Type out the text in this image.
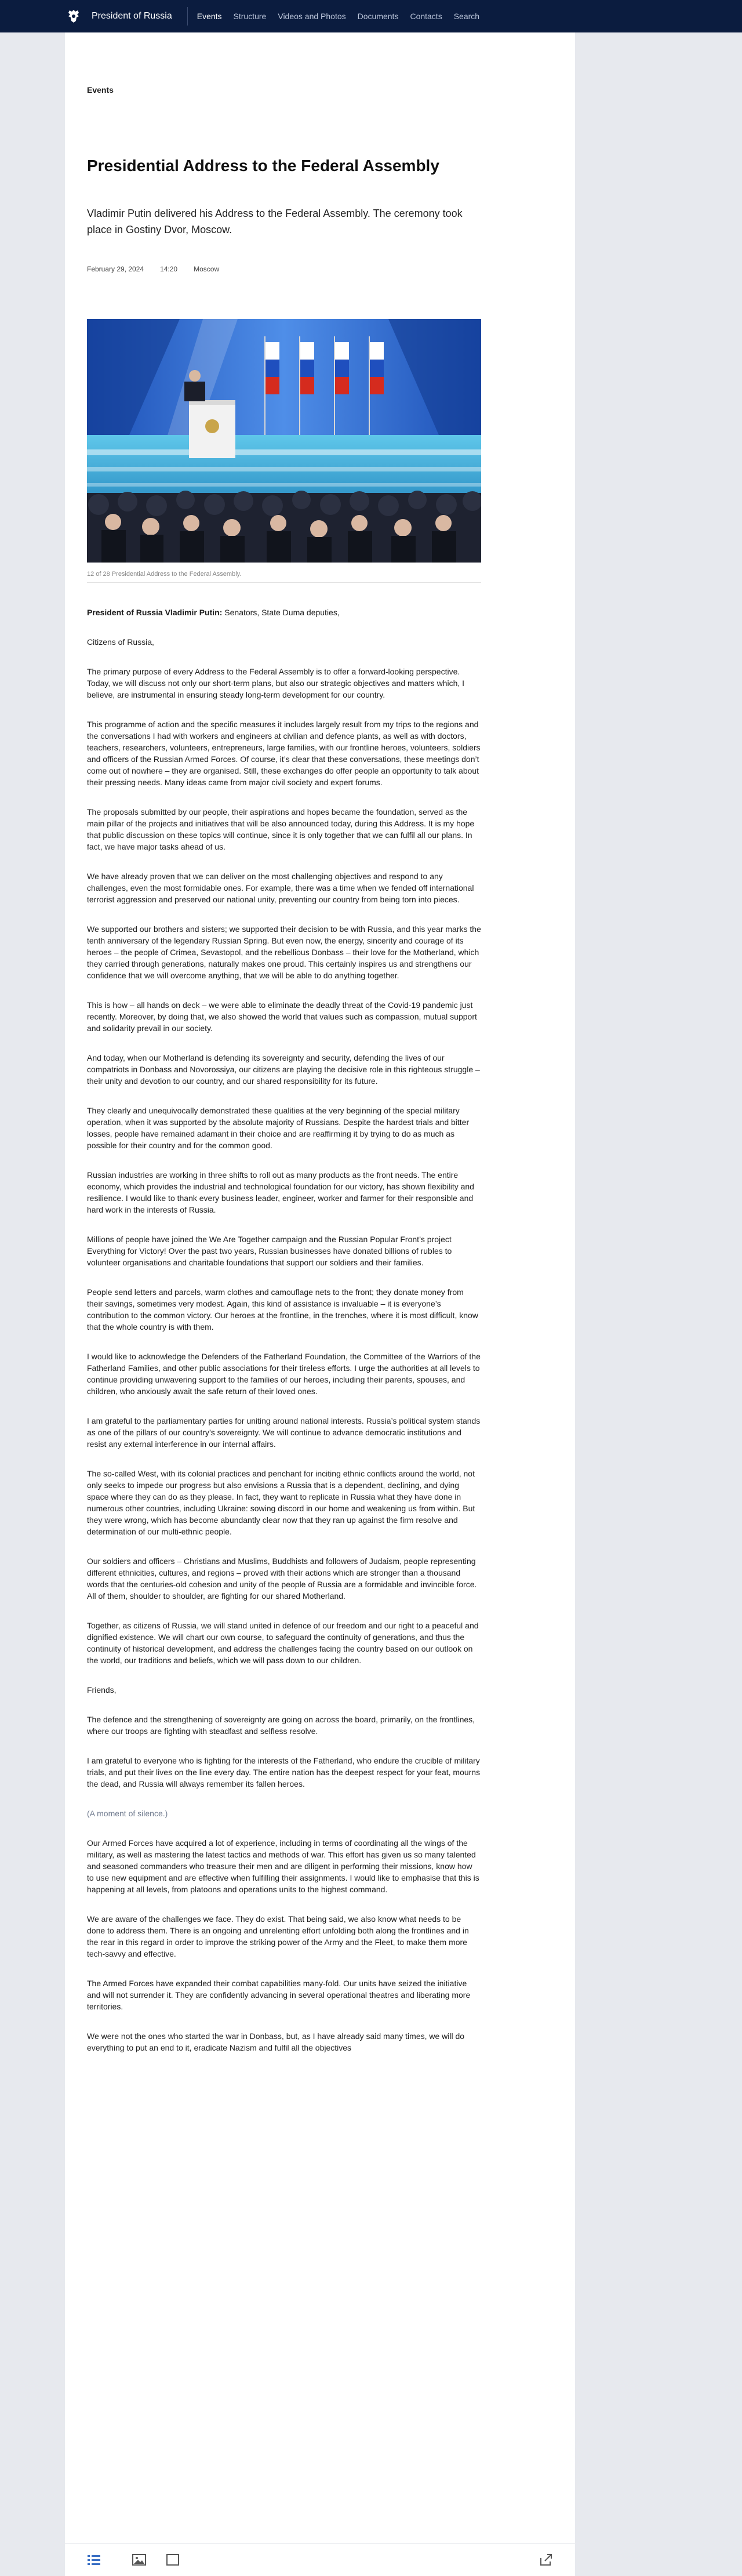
President of Russia	Events Structure Videos and Photos Documents Contacts Search
Events
Presidential Address to the Federal Assembly

Vladimir Putin delivered his Address to the Federal Assembly. The ceremony took place in Gostiny Dvor, Moscow.

February 29, 2024 14:20 Moscow
12 of 28 Presidential Address to the Federal Assembly.

President of Russia Vladimir Putin: Senators, State Duma deputies,

Citizens of Russia,

The primary purpose of every Address to the Federal Assembly is to offer a forward-looking perspective. Today, we will discuss not only our short-term plans, but also our strategic objectives and matters which, I believe, are instrumental in ensuring steady long-term development for our country.

This programme of action and the specific measures it includes largely result from my trips to the regions and the conversations I had with workers and engineers at civilian and defence plants, as well as with doctors, teachers, researchers, volunteers, entrepreneurs, large families, with our frontline heroes, volunteers, soldiers and officers of the Russian Armed Forces. Of course, it’s clear that these conversations, these meetings don’t come out of nowhere – they are organised. Still, these exchanges do offer people an opportunity to talk about their pressing needs. Many ideas came from major civil society and expert forums.

The proposals submitted by our people, their aspirations and hopes became the foundation, served as the main pillar of the projects and initiatives that will be also announced today, during this Address. It is my hope that public discussion on these topics will continue, since it is only together that we can fulfil all our plans. In fact, we have major tasks ahead of us.

We have already proven that we can deliver on the most challenging objectives and respond to any challenges, even the most formidable ones. For example, there was a time when we fended off international terrorist aggression and preserved our national unity, preventing our country from being torn into pieces.

We supported our brothers and sisters; we supported their decision to be with Russia, and this year marks the tenth anniversary of the legendary Russian Spring. But even now, the energy, sincerity and courage of its heroes – the people of Crimea, Sevastopol, and the rebellious Donbass – their love for the Motherland, which they carried through generations, naturally makes one proud. This certainly inspires us and strengthens our confidence that we will overcome anything, that we will be able to do anything together.

This is how – all hands on deck – we were able to eliminate the deadly threat of the Covid-19 pandemic just recently. Moreover, by doing that, we also showed the world that values such as compassion, mutual support and solidarity prevail in our society.

And today, when our Motherland is defending its sovereignty and security, defending the lives of our compatriots in Donbass and Novorossiya, our citizens are playing the decisive role in this righteous struggle – their unity and devotion to our country, and our shared responsibility for its future.

They clearly and unequivocally demonstrated these qualities at the very beginning of the special military operation, when it was supported by the absolute majority of Russians. Despite the hardest trials and bitter losses, people have remained adamant in their choice and are reaffirming it by trying to do as much as possible for their country and for the common good.

Russian industries are working in three shifts to roll out as many products as the front needs. The entire economy, which provides the industrial and technological foundation for our victory, has shown flexibility and resilience. I would like to thank every business leader, engineer, worker and farmer for their responsible and hard work in the interests of Russia.

Millions of people have joined the We Are Together campaign and the Russian Popular Front’s project Everything for Victory! Over the past two years, Russian businesses have donated billions of rubles to volunteer organisations and charitable foundations that support our soldiers and their families.

People send letters and parcels, warm clothes and camouflage nets to the front; they donate money from their savings, sometimes very modest. Again, this kind of assistance is invaluable – it is everyone’s contribution to the common victory. Our heroes at the frontline, in the trenches, where it is most difficult, know that the whole country is with them.

I would like to acknowledge the Defenders of the Fatherland Foundation, the Committee of the Warriors of the Fatherland Families, and other public associations for their tireless efforts. I urge the authorities at all levels to continue providing unwavering support to the families of our heroes, including their parents, spouses, and children, who anxiously await the safe return of their loved ones.

I am grateful to the parliamentary parties for uniting around national interests. Russia’s political system stands as one of the pillars of our country’s sovereignty. We will continue to advance democratic institutions and resist any external interference in our internal affairs.

The so-called West, with its colonial practices and penchant for inciting ethnic conflicts around the world, not only seeks to impede our progress but also envisions a Russia that is a dependent, declining, and dying space where they can do as they please. In fact, they want to replicate in Russia what they have done in numerous other countries, including Ukraine: sowing discord in our home and weakening us from within. But they were wrong, which has become abundantly clear now that they ran up against the firm resolve and determination of our multi-ethnic people.

Our soldiers and officers – Christians and Muslims, Buddhists and followers of Judaism, people representing different ethnicities, cultures, and regions – proved with their actions which are stronger than a thousand words that the centuries-old cohesion and unity of the people of Russia are a formidable and invincible force. All of them, shoulder to shoulder, are fighting for our shared Motherland.

Together, as citizens of Russia, we will stand united in defence of our freedom and our right to a peaceful and dignified existence. We will chart our own course, to safeguard the continuity of generations, and thus the continuity of historical development, and address the challenges facing the country based on our outlook on the world, our traditions and beliefs, which we will pass down to our children.

Friends,

The defence and the strengthening of sovereignty are going on across the board, primarily, on the frontlines, where our troops are fighting with steadfast and selfless resolve.

I am grateful to everyone who is fighting for the interests of the Fatherland, who endure the crucible of military trials, and put their lives on the line every day. The entire nation has the deepest respect for your feat, mourns the dead, and Russia will always remember its fallen heroes.

(A moment of silence.)

Our Armed Forces have acquired a lot of experience, including in terms of coordinating all the wings of the military, as well as mastering the latest tactics and methods of war. This effort has given us so many talented and seasoned commanders who treasure their men and are diligent in performing their missions, know how to use new equipment and are effective when fulfilling their assignments. I would like to emphasise that this is happening at all levels, from platoons and operations units to the highest command.

We are aware of the challenges we face. They do exist. That being said, we also know what needs to be done to address them. There is an ongoing and unrelenting effort unfolding both along the frontlines and in the rear in this regard in order to improve the striking power of the Army and the Fleet, to make them more tech-savvy and effective.

The Armed Forces have expanded their combat capabilities many-fold. Our units have seized the initiative and will not surrender it. They are confidently advancing in several operational theatres and liberating more territories.

We were not the ones who started the war in Donbass, but, as I have already said many times, we will do everything to put an end to it, eradicate Nazism and fulfil all the objectives
